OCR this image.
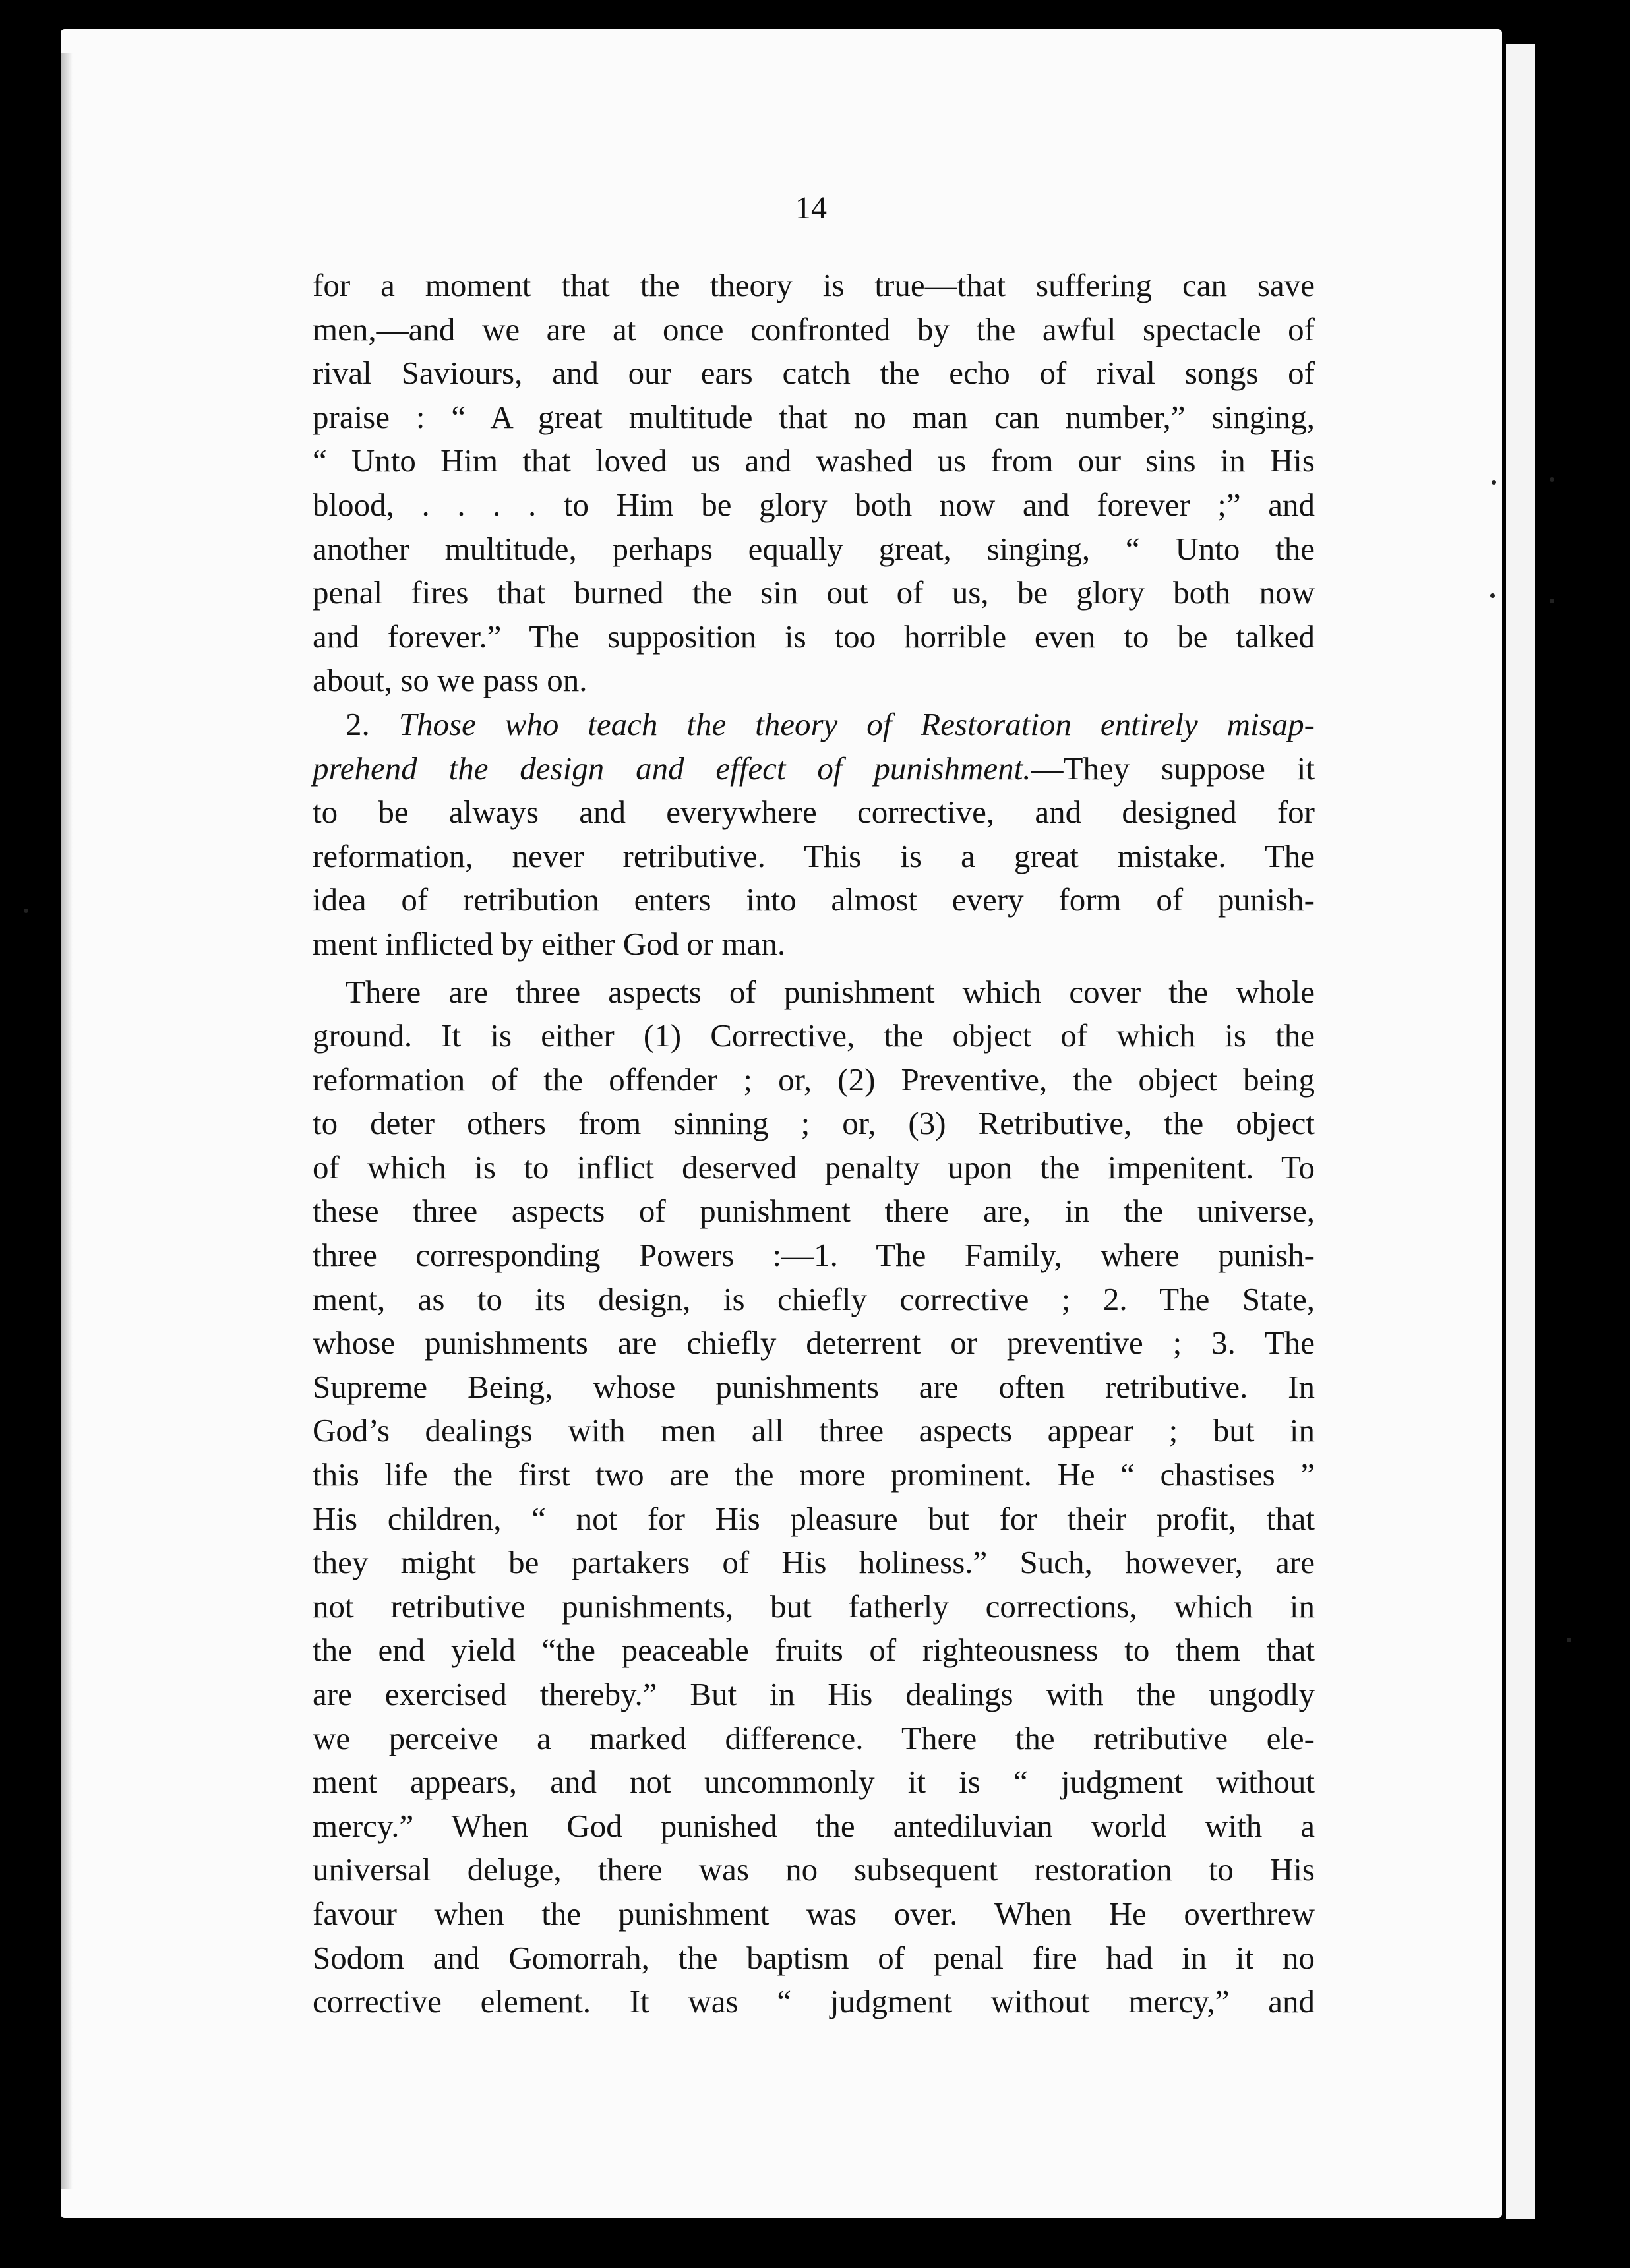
14
for a moment that the theory is true—that suffering can save
men,—and we are at once confronted by the awful spectacle of
rival Saviours, and our ears catch the echo of rival songs of
praise : “ A great multitude that no man can number,” singing,
“ Unto Him that loved us and washed us from our sins in His
blood, . . . . to Him be glory both now and forever ;” and
another multitude, perhaps equally great, singing, “ Unto the
penal fires that burned the sin out of us, be glory both now
and forever.” The supposition is too horrible even to be talked
about, so we pass on.
2. Those who teach the theory of Restoration entirely misap-
prehend the design and effect of punishment.—They suppose it
to be always and everywhere corrective, and designed for
reformation, never retributive. This is a great mistake. The
idea of retribution enters into almost every form of punish-
ment inflicted by either God or man.
There are three aspects of punishment which cover the whole
ground. It is either (1) Corrective, the object of which is the
reformation of the offender ; or, (2) Preventive, the object being
to deter others from sinning ; or, (3) Retributive, the object
of which is to inflict deserved penalty upon the impenitent. To
these three aspects of punishment there are, in the universe,
three corresponding Powers :—1. The Family, where punish-
ment, as to its design, is chiefly corrective ; 2. The State,
whose punishments are chiefly deterrent or preventive ; 3. The
Supreme Being, whose punishments are often retributive. In
God’s dealings with men all three aspects appear ; but in
this life the first two are the more prominent. He “ chastises ”
His children, “ not for His pleasure but for their profit, that
they might be partakers of His holiness.” Such, however, are
not retributive punishments, but fatherly corrections, which in
the end yield “the peaceable fruits of righteousness to them that
are exercised thereby.” But in His dealings with the ungodly
we perceive a marked difference. There the retributive ele-
ment appears, and not uncommonly it is “ judgment without
mercy.” When God punished the antediluvian world with a
universal deluge, there was no subsequent restoration to His
favour when the punishment was over. When He overthrew
Sodom and Gomorrah, the baptism of penal fire had in it no
corrective element. It was “ judgment without mercy,” and
